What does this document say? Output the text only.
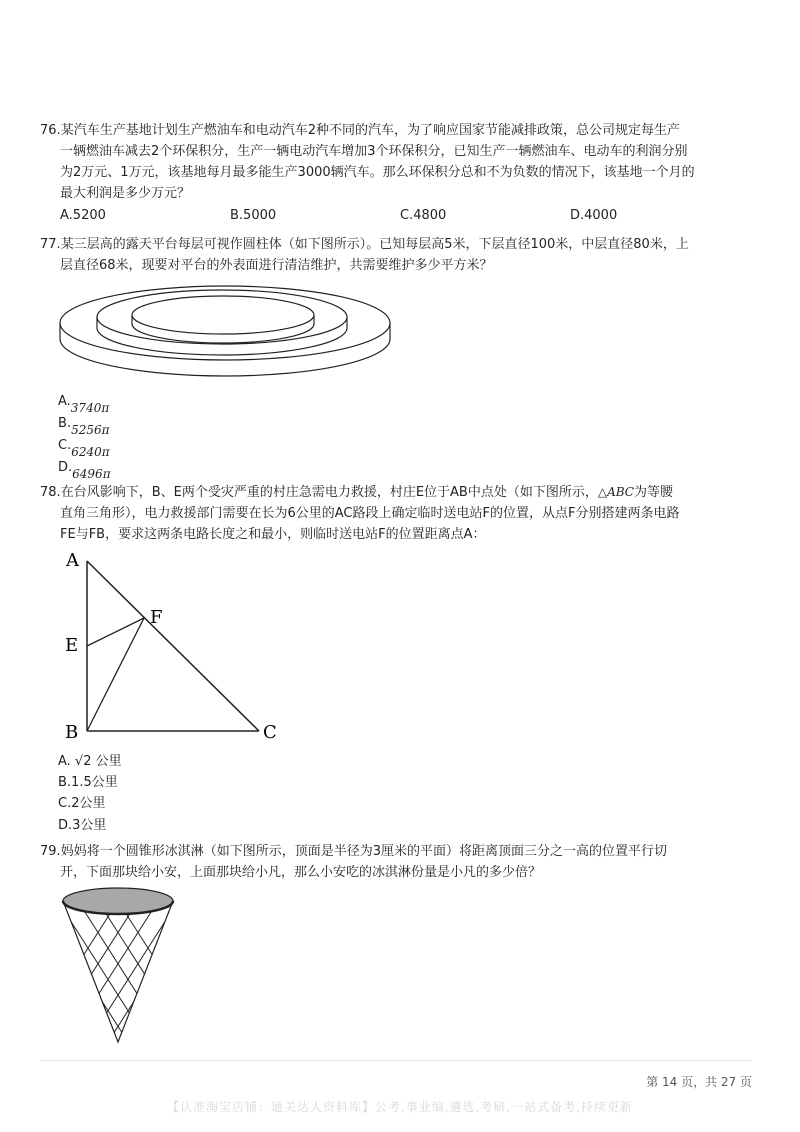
76.某汽车生产基地计划生产燃油车和电动汽车2种不同的汽车，为了响应国家节能减排政策，总公司规定每生产
一辆燃油车减去2个环保积分，生产一辆电动汽车增加3个环保积分，已知生产一辆燃油车、电动车的利润分别
为2万元、1万元，该基地每月最多能生产3000辆汽车。那么环保积分总和不为负数的情况下，该基地一个月的
最大利润是多少万元？
A.5200	B.5000	C.4800	D.4000
77.某三层高的露天平台每层可视作圆柱体（如下图所示）。已知每层高5米，下层直径100米，中层直径80米，上
层直径68米，现要对平台的外表面进行清洁维护，共需要维护多少平方米？
A.3740π
B.5256π
C.6240π
D.6496π
78.在台风影响下，B、E两个受灾严重的村庄急需电力救援，村庄E位于AB中点处（如下图所示，△ABC为等腰
直角三角形），电力救援部门需要在长为6公里的AC路段上确定临时送电站F的位置，从点F分别搭建两条电路
FE与FB，要求这两条电路长度之和最小，则临时送电站F的位置距离点A：
A
E
F
B	C
A. √2 公里
B.1.5公里
C.2公里
D.3公里
79.妈妈将一个圆锥形冰淇淋（如下图所示，顶面是半径为3厘米的平面）将距离顶面三分之一高的位置平行切
开，下面那块给小安，上面那块给小凡，那么小安吃的冰淇淋份量是小凡的多少倍？
第 14 页，共 27 页
【认准淘宝店铺：通关达人资料库】公考,事业编,遴选,考研,一站式备考,持续更新
